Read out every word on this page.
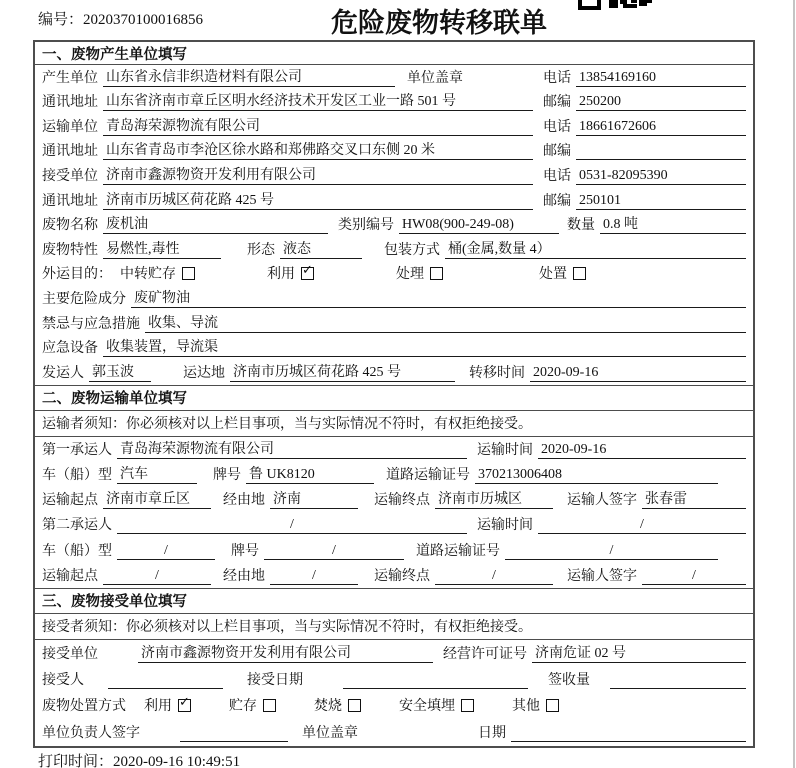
编号：2020370100016856	危险废物转移联单
一、废物产生单位填写
产生单位 山东省永信非织造材料有限公司	单位盖章	电话 13854169160
通讯地址 山东省济南市章丘区明水经济技术开发区工业一路 501 号	邮编 250200
运输单位 青岛海荣源物流有限公司	电话 18661672606
通讯地址 山东省青岛市李沧区徐水路和郑佛路交叉口东侧 20 米	邮编
接受单位 济南市鑫源物资开发利用有限公司	电话 0531-82095390
通讯地址 济南市历城区荷花路 425 号	邮编 250101
废物名称 废机油	类别编号 HW08(900-249-08)	数量 0.8 吨
废物特性 易燃性,毒性	形态 液态	包装方式 桶(金属,数量 4）
外运目的： 中转贮存	利用 ✓	处理	处置
主要危险成分 废矿物油
禁忌与应急措施 收集、导流
应急设备 收集装置，导流渠
发运人 郭玉波	运达地 济南市历城区荷花路 425 号	转移时间 2020-09-16
二、废物运输单位填写
运输者须知：你必须核对以上栏目事项，当与实际情况不符时，有权拒绝接受。
第一承运人 青岛海荣源物流有限公司	运输时间 2020-09-16
车（船）型 汽车	牌号 鲁 UK8120	道路运输证号 370213006408
运输起点 济南市章丘区	经由地 济南	运输终点 济南市历城区	运输人签字 张春雷
第二承运人	/	运输时间	/
车（船）型	/	牌号	/	道路运输证号	/
运输起点	/	经由地	/	运输终点	/	运输人签字	/
三、废物接受单位填写
接受者须知：你必须核对以上栏目事项，当与实际情况不符时，有权拒绝接受。
接受单位	济南市鑫源物资开发利用有限公司	经营许可证号 济南危证 02 号
接受人	接受日期	签收量
废物处置方式 利用 ✓	贮存	焚烧	安全填埋	其他
单位负责人签字	单位盖章	日期
打印时间：2020-09-16 10:49:51
